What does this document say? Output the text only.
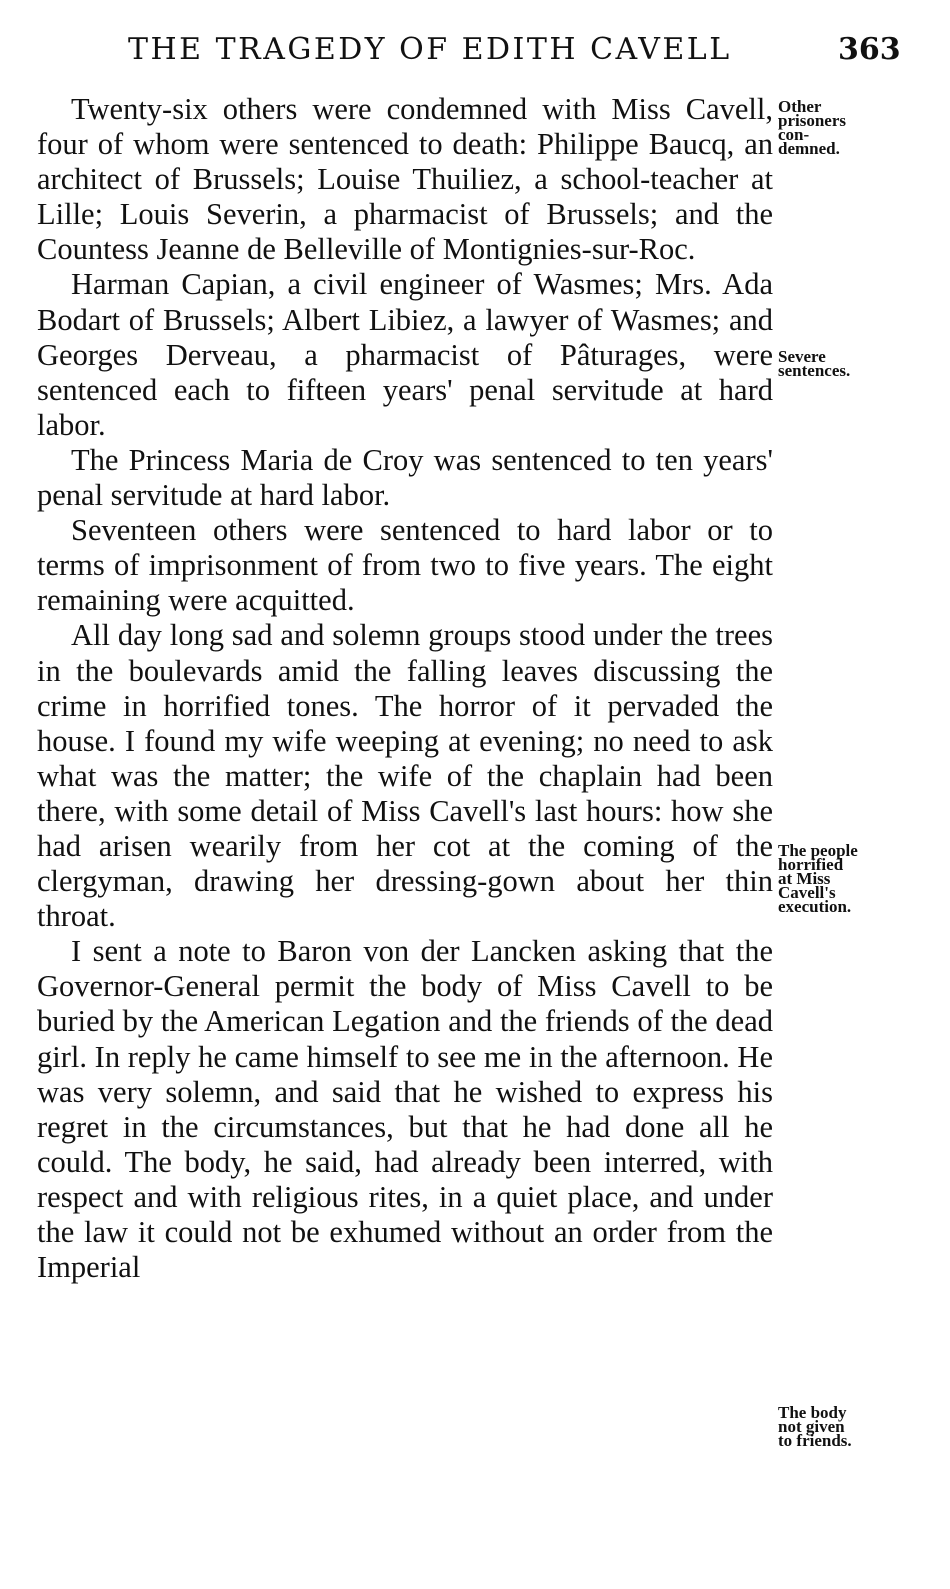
THE TRAGEDY OF EDITH CAVELL	363

Twenty-six others were condemned with Miss Cavell, four of whom were sentenced to death: Philippe Baucq, an architect of Brussels; Louise Thuiliez, a school-teacher at Lille; Louis Severin, a pharmacist of Brussels; and the Countess Jeanne de Belleville of Montignies-sur-Roc.

Harman Capian, a civil engineer of Wasmes; Mrs. Ada Bodart of Brussels; Albert Libiez, a lawyer of Wasmes; and Georges Derveau, a pharmacist of Pâturages, were sentenced each to fifteen years' penal servitude at hard labor.

The Princess Maria de Croy was sentenced to ten years' penal servitude at hard labor.

Seventeen others were sentenced to hard labor or to terms of imprisonment of from two to five years. The eight remaining were acquitted.

All day long sad and solemn groups stood under the trees in the boulevards amid the falling leaves discussing the crime in horrified tones. The horror of it pervaded the house. I found my wife weeping at evening; no need to ask what was the matter; the wife of the chaplain had been there, with some detail of Miss Cavell's last hours: how she had arisen wearily from her cot at the coming of the clergyman, drawing her dressing-gown about her thin throat.

I sent a note to Baron von der Lancken asking that the Governor-General permit the body of Miss Cavell to be buried by the American Legation and the friends of the dead girl. In reply he came himself to see me in the afternoon. He was very solemn, and said that he wished to express his regret in the circumstances, but that he had done all he could. The body, he said, had already been interred, with respect and with religious rites, in a quiet place, and under the law it could not be exhumed without an order from the Imperial

Other
prisoners
con-
demned.
Severe
sentences.
The people
horrified
at Miss
Cavell's
execution.
The body
not given
to friends.
